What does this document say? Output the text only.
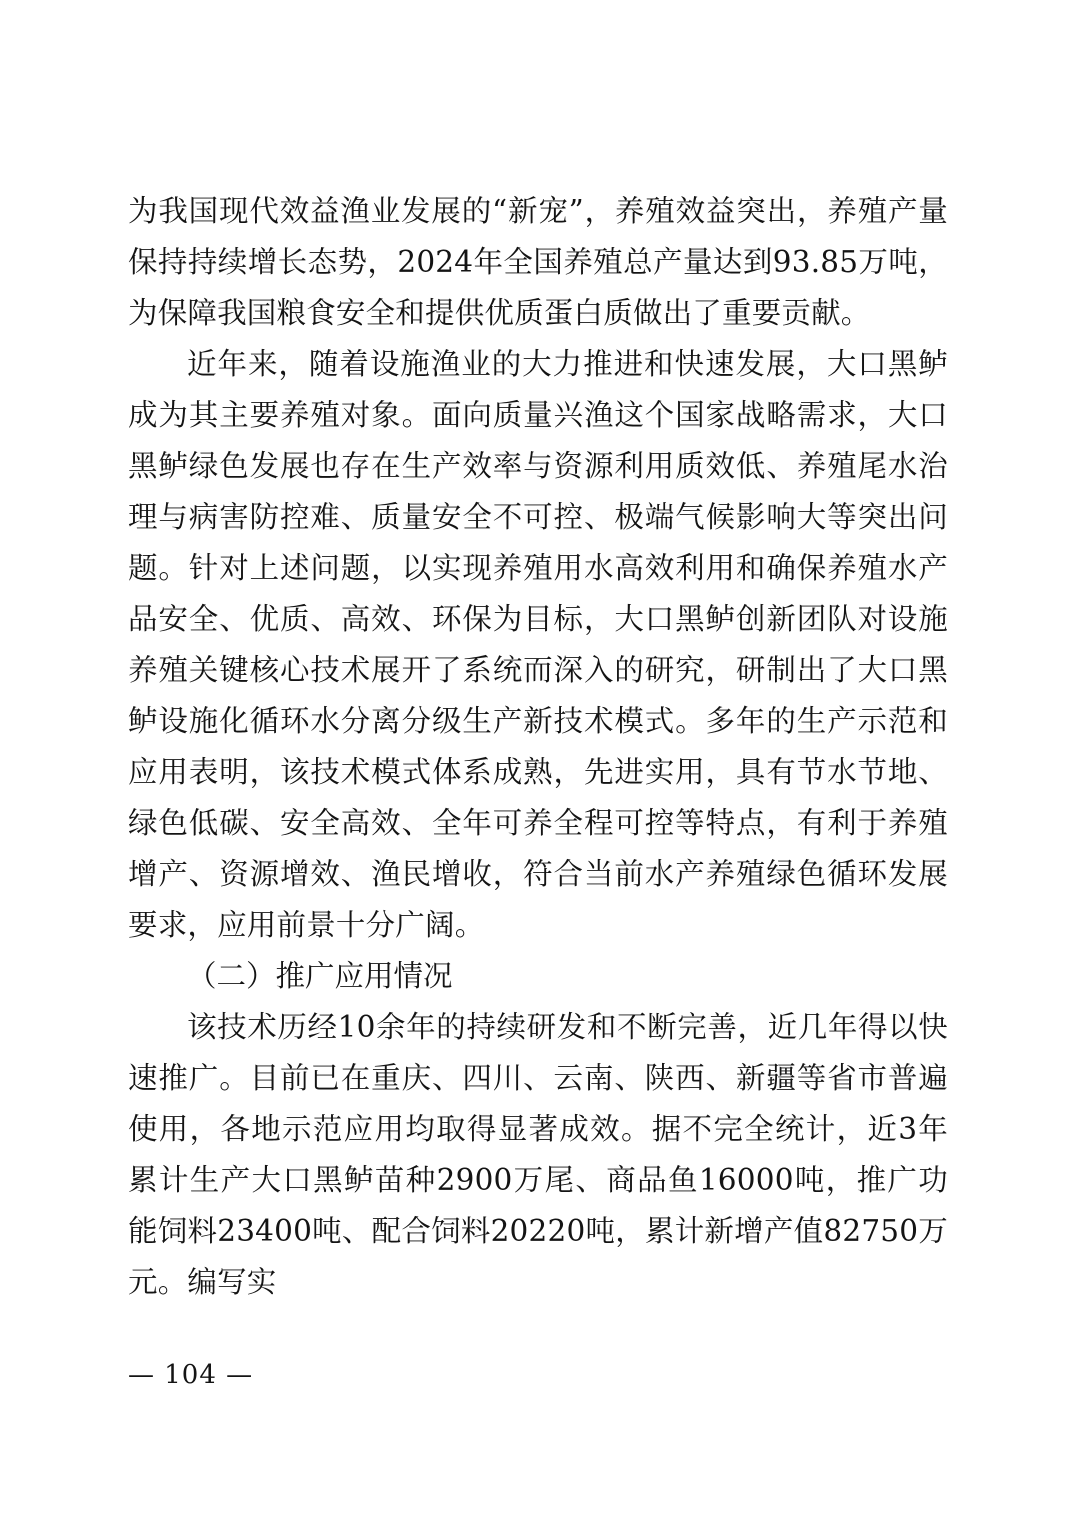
为我国现代效益渔业发展的“新宠”，养殖效益突出，养殖产量保持持续增长态势，2024年全国养殖总产量达到93.85万吨，为保障我国粮食安全和提供优质蛋白质做出了重要贡献。

近年来，随着设施渔业的大力推进和快速发展，大口黑鲈成为其主要养殖对象。面向质量兴渔这个国家战略需求，大口黑鲈绿色发展也存在生产效率与资源利用质效低、养殖尾水治理与病害防控难、质量安全不可控、极端气候影响大等突出问题。针对上述问题，以实现养殖用水高效利用和确保养殖水产品安全、优质、高效、环保为目标，大口黑鲈创新团队对设施养殖关键核心技术展开了系统而深入的研究，研制出了大口黑鲈设施化循环水分离分级生产新技术模式。多年的生产示范和应用表明，该技术模式体系成熟，先进实用，具有节水节地、绿色低碳、安全高效、全年可养全程可控等特点，有利于养殖增产、资源增效、渔民增收，符合当前水产养殖绿色循环发展要求，应用前景十分广阔。

（二）推广应用情况

该技术历经10余年的持续研发和不断完善，近几年得以快速推广。目前已在重庆、四川、云南、陕西、新疆等省市普遍使用，各地示范应用均取得显著成效。据不完全统计，近3年累计生产大口黑鲈苗种2900万尾、商品鱼16000吨，推广功能饲料23400吨、配合饲料20220吨，累计新增产值82750万元。编写实

— 104 —
